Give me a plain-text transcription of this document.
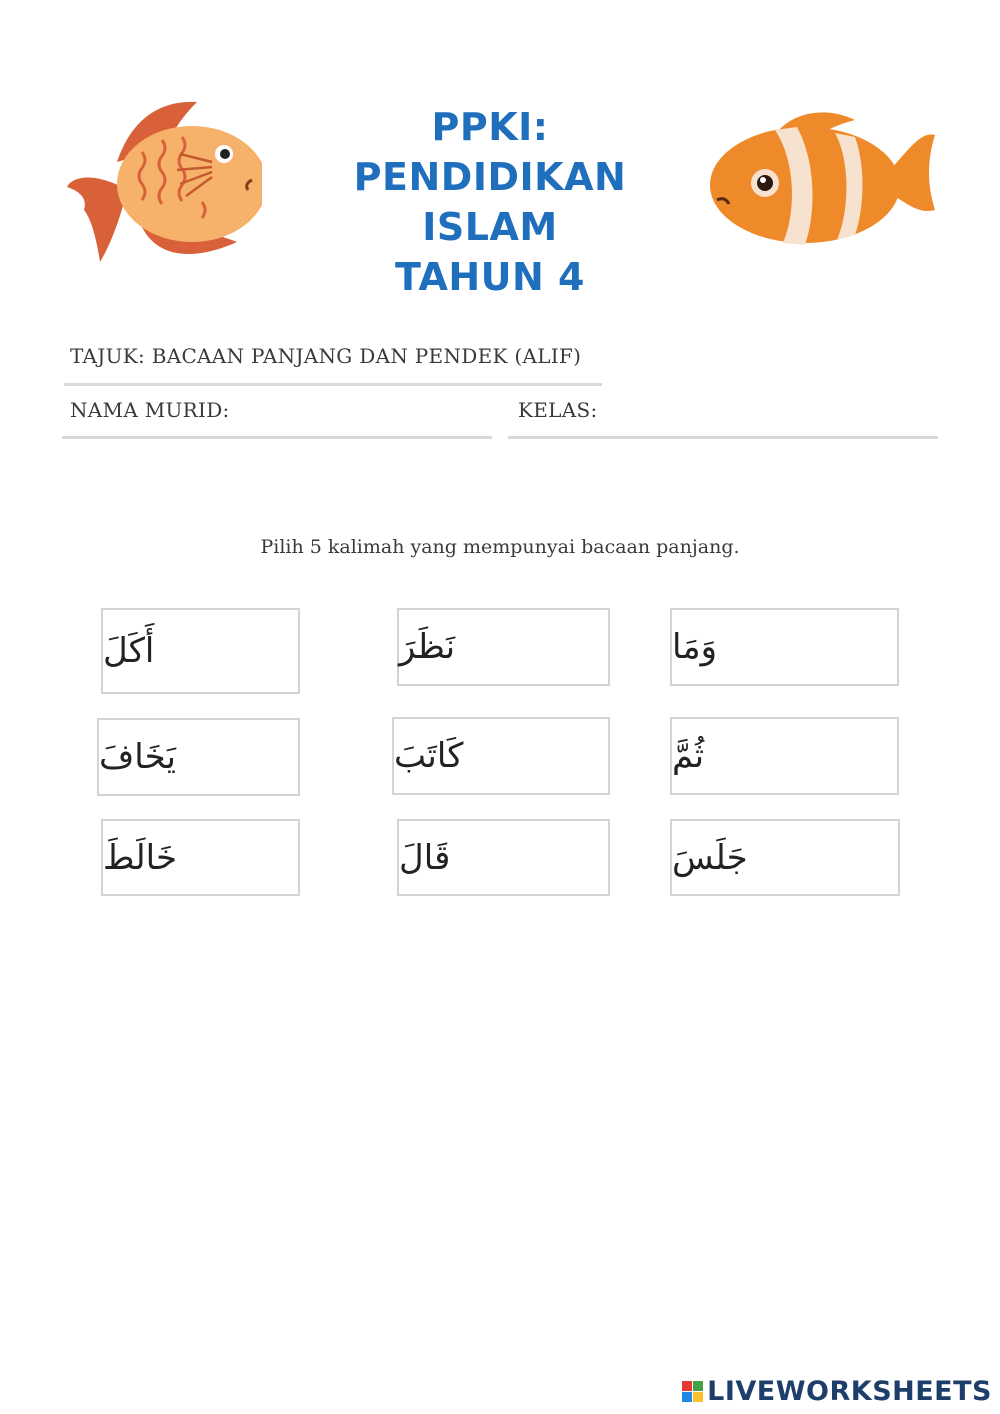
PPKI:
PENDIDIKAN
ISLAM
TAHUN 4
TAJUK: BACAAN PANJANG DAN PENDEK (ALIF)
NAMA MURID:	KELAS:
Pilih 5 kalimah yang mempunyai bacaan panjang.
أَكَلَ	نَظَرَ	وَمَا
يَخَافَ	كَاتَبَ	ثُمَّ
خَالَطَ	قَالَ	جَلَسَ
LIVEWORKSHEETS
